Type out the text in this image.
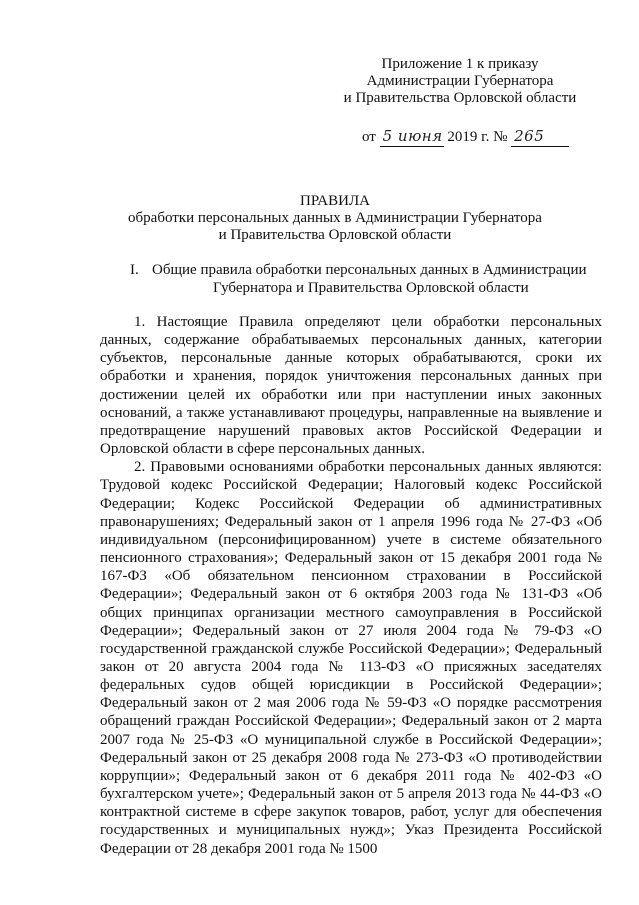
Приложение 1 к приказу
Администрации Губернатора
и Правительства Орловской области
от 5 июня 2019 г. № 265
ПРАВИЛА
обработки персональных данных в Администрации Губернатора
и Правительства Орловской области
I. Общие правила обработки персональных данных в Администрации
Губернатора и Правительства Орловской области

1. Настоящие Правила определяют цели обработки персональных данных, содержание обрабатываемых персональных данных, категории субъектов, персональные данные которых обрабатываются, сроки их обработки и хранения, порядок уничтожения персональных данных при достижении целей их обработки или при наступлении иных законных оснований, а также устанавливают процедуры, направленные на выявление и предотвращение нарушений правовых актов Российской Федерации и Орловской области в сфере персональных данных.

2. Правовыми основаниями обработки персональных данных являются: Трудовой кодекс Российской Федерации; Налоговый кодекс Российской Федерации; Кодекс Российской Федерации об административных правонарушениях; Федеральный закон от 1 апреля 1996 года № 27-ФЗ «Об индивидуальном (персонифицированном) учете в системе обязательного пенсионного страхования»; Федеральный закон от 15 декабря 2001 года № 167-ФЗ «Об обязательном пенсионном страховании в Российской Федерации»; Федеральный закон от 6 октября 2003 года № 131-ФЗ «Об общих принципах организации местного самоуправления в Российской Федерации»; Федеральный закон от 27 июля 2004 года № 79-ФЗ «О государственной гражданской службе Российской Федерации»; Федеральный закон от 20 августа 2004 года № 113-ФЗ «О присяжных заседателях федеральных судов общей юрисдикции в Российской Федерации»; Федеральный закон от 2 мая 2006 года № 59-ФЗ «О порядке рассмотрения обращений граждан Российской Федерации»; Федеральный закон от 2 марта 2007 года № 25-ФЗ «О муниципальной службе в Российской Федерации»; Федеральный закон от 25 декабря 2008 года № 273-ФЗ «О противодействии коррупции»; Федеральный закон от 6 декабря 2011 года № 402-ФЗ «О бухгалтерском учете»; Федеральный закон от 5 апреля 2013 года № 44-ФЗ «О контрактной системе в сфере закупок товаров, работ, услуг для обеспечения государственных и муниципальных нужд»; Указ Президента Российской Федерации от 28 декабря 2001 года № 1500
